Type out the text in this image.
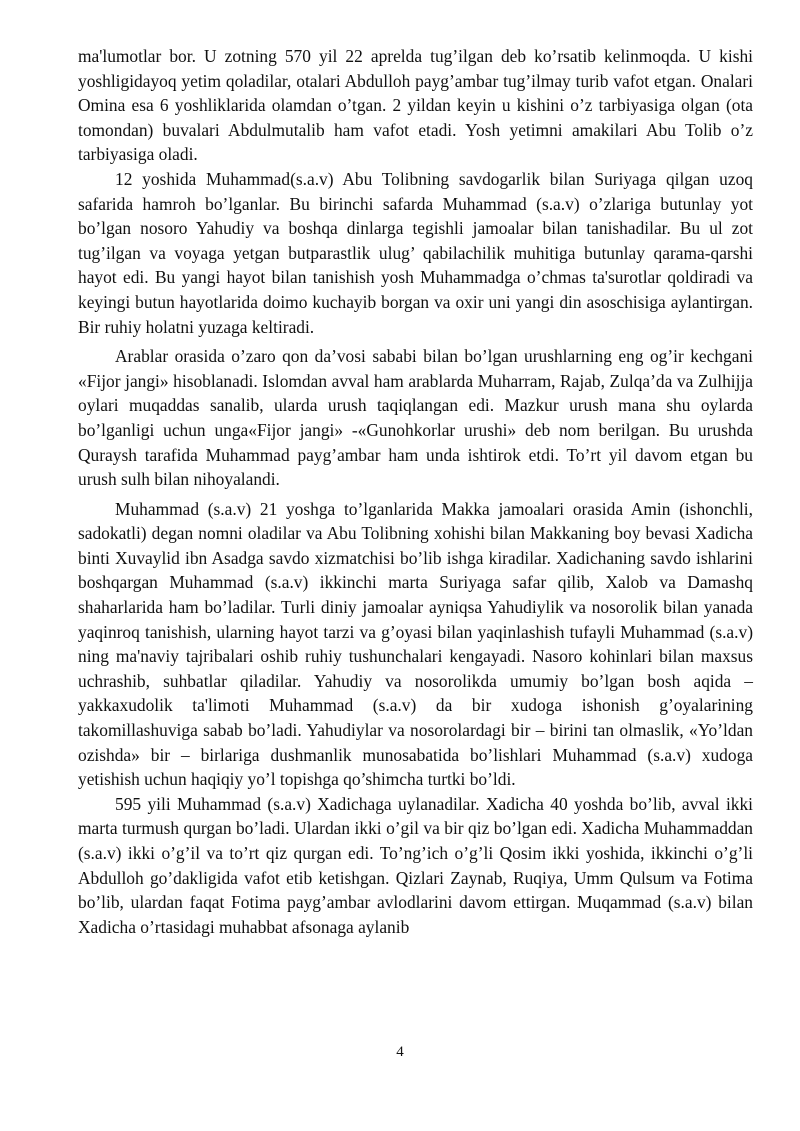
ma'lumotlar bor. U zotning 570 yil 22 aprelda tug’ilgan deb ko’rsatib kelinmoqda. U kishi yoshligidayoq yetim qoladilar, otalari Abdulloh payg’ambar tug’ilmay turib vafot etgan. Onalari Omina esa 6 yoshliklarida olamdan o’tgan. 2 yildan keyin u kishini o’z tarbiyasiga olgan (ota tomondan) buvalari Abdulmutalib ham vafot etadi. Yosh yetimni amakilari Abu Tolib o’z tarbiyasiga oladi.

12 yoshida Muhammad(s.a.v) Abu Tolibning savdogarlik bilan Suriyaga qilgan uzoq safarida hamroh bo’lganlar. Bu birinchi safarda Muhammad (s.a.v) o’zlariga butunlay yot bo’lgan nosoro Yahudiy va boshqa dinlarga tegishli jamoalar bilan tanishadilar. Bu ul zot tug’ilgan va voyaga yetgan butparastlik ulug’ qabilachilik muhitiga butunlay qarama-qarshi hayot edi. Bu yangi hayot bilan tanishish yosh Muhammadga o’chmas ta'surotlar qoldiradi va keyingi butun hayotlarida doimo kuchayib borgan va oxir uni yangi din asoschisiga aylantirgan. Bir ruhiy holatni yuzaga keltiradi.

Arablar orasida o’zaro qon da’vosi sababi bilan bo’lgan urushlarning eng og’ir kechgani «Fijor jangi» hisoblanadi. Islomdan avval ham arablarda Muharram, Rajab, Zulqa’da va Zulhijja oylari muqaddas sanalib, ularda urush taqiqlangan edi. Mazkur urush mana shu oylarda bo’lganligi uchun unga«Fijor jangi» -«Gunohkorlar urushi» deb nom berilgan. Bu urushda Quraysh tarafida Muhammad payg’ambar ham unda ishtirok etdi. To’rt yil davom etgan bu urush sulh bilan nihoyalandi.

Muhammad (s.a.v) 21 yoshga to’lganlarida Makka jamoalari orasida Amin (ishonchli, sadokatli) degan nomni oladilar va Abu Tolibning xohishi bilan Makkaning boy bevasi Xadicha binti Xuvaylid ibn Asadga savdo xizmatchisi bo’lib ishga kiradilar. Xadichaning savdo ishlarini boshqargan Muhammad (s.a.v) ikkinchi marta Suriyaga safar qilib, Xalob va Damashq shaharlarida ham bo’ladilar. Turli diniy jamoalar ayniqsa Yahudiylik va nosorolik bilan yanada yaqinroq tanishish, ularning hayot tarzi va g’oyasi bilan yaqinlashish tufayli Muhammad (s.a.v) ning ma'naviy tajribalari oshib ruhiy tushunchalari kengayadi. Nasoro kohinlari bilan maxsus uchrashib, suhbatlar qiladilar. Yahudiy va nosorolikda umumiy bo’lgan bosh aqida – yakkaxudolik ta'limoti Muhammad (s.a.v) da bir xudoga ishonish g’oyalarining takomillashuviga sabab bo’ladi. Yahudiylar va nosorolardagi bir – birini tan olmaslik, «Yo’ldan ozishda» bir – birlariga dushmanlik munosabatida bo’lishlari Muhammad (s.a.v) xudoga yetishish uchun haqiqiy yo’l topishga qo’shimcha turtki bo’ldi.

595 yili Muhammad (s.a.v) Xadichaga uylanadilar. Xadicha 40 yoshda bo’lib, avval ikki marta turmush qurgan bo’ladi. Ulardan ikki o’gil va bir qiz bo’lgan edi. Xadicha Muhammaddan (s.a.v) ikki o’g’il va to’rt qiz qurgan edi. To’ng’ich o’g’li Qosim ikki yoshida, ikkinchi o’g’li Abdulloh go’dakligida vafot etib ketishgan. Qizlari Zaynab, Ruqiya, Umm Qulsum va Fotima bo’lib, ulardan faqat Fotima payg’ambar avlodlarini davom ettirgan. Muqammad (s.a.v) bilan Xadicha o’rtasidagi muhabbat afsonaga aylanib

4
